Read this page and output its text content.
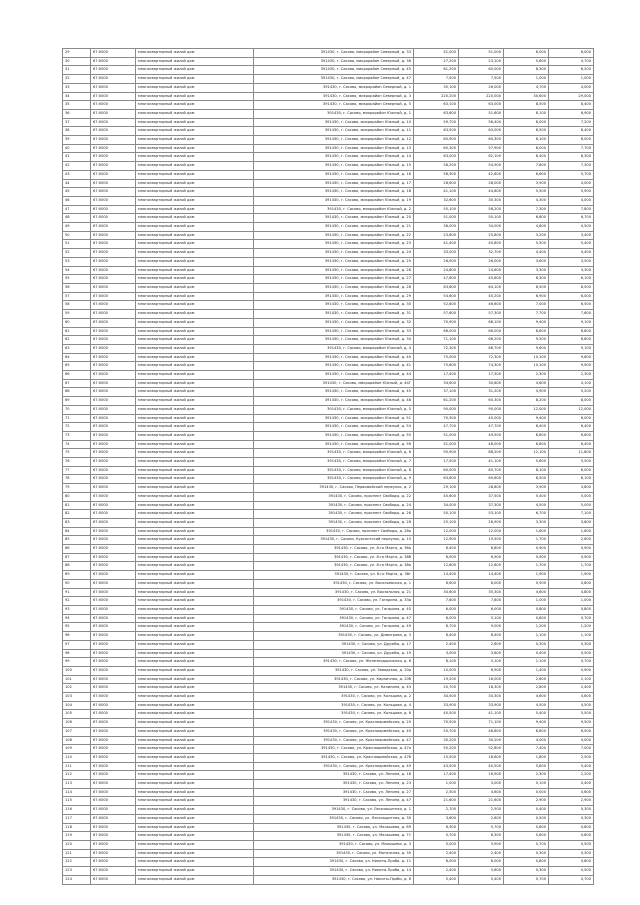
29	67:0000	многоквартирный жилой дом	391430, г. Сасово, микрорайон Северный, д. 33	51,000	51,000	6,000	6,000
30	67:0000	многоквартирный жилой дом	391430, г. Сасово, микрорайон Северный, д. 36	27,200	23,100	5,600	4,700
31	67:0000	многоквартирный жилой дом	391430, г. Сасово, микрорайон Северный, д. 45	61,200	60,000	8,300	8,200
32	67:0000	многоквартирный жилой дом	391430, г. Сасово, микрорайон Северный, д. 47	7,500	7,500	1,000	1,000
33	67:0000	многоквартирный жилой дом	391430, г. Сасово, микрорайон Северный, д. 1	35,100	26,000	4,700	4,000
34	67:0000	многоквартирный жилой дом	391430, г. Сасово, микрорайон Северный, д. 3	220,200	220,000	30,600	29,000
35	67:0000	многоквартирный жилой дом	391430, г. Сасово, микрорайон Северный, д. 5	63,100	63,000	8,500	8,400
36	67:0000	многоквартирный жилой дом	391430, г. Сасово, микрорайон Южный, д. 1	63,600	51,600	8,100	6,900
37	67:0000	многоквартирный жилой дом	391430, г. Сасово, микрорайон Южный, д. 10	59,700	56,400	8,000	7,200
38	67:0000	многоквартирный жилой дом	391430, г. Сасово, микрорайон Южный, д. 11	63,500	63,000	8,500	8,400
39	67:0000	многоквартирный жилой дом	391430, г. Сасово, микрорайон Южный, д. 12	60,900	60,300	8,100	8,000
40	67:0000	многоквартирный жилой дом	391430, г. Сасово, микрорайон Южный, д. 13	60,300	57,900	8,000	7,700
41	67:0000	многоквартирный жилой дом	391430, г. Сасово, микрорайон Южный, д. 14	63,000	62,100	8,400	8,300
42	67:0000	многоквартирный жилой дом	391430, г. Сасово, микрорайон Южный, д. 15	58,200	54,900	7,800	7,300
43	67:0000	многоквартирный жилой дом	391430, г. Сасово, микрорайон Южный, д. 16	58,300	42,800	6,600	5,700
44	67:0000	многоквартирный жилой дом	391430, г. Сасово, микрорайон Южный, д. 17	28,600	28,000	3,900	4,000
45	67:0000	многоквартирный жилой дом	391430, г. Сасово, микрорайон Южный, д. 18	41,100	44,600	5,500	5,900
46	67:0000	многоквартирный жилой дом	391430, г. Сасово, микрорайон Южный, д. 19	32,600	30,300	4,300	4,000
47	67:0000	многоквартирный жилой дом	391430, г. Сасово, микрорайон Южный, д. 2	55,100	58,200	7,300	7,800
48	67:0000	многоквартирный жилой дом	391430, г. Сасово, микрорайон Южный, д. 20	51,000	50,100	6,800	6,700
49	67:0000	многоквартирный жилой дом	391430, г. Сасово, микрорайон Южный, д. 21	36,000	34,000	4,800	4,500
50	67:0000	многоквартирный жилой дом	391430, г. Сасово, микрорайон Южный, д. 22	23,600	25,800	3,200	3,400
51	67:0000	многоквартирный жилой дом	391430, г. Сасово, микрорайон Южный, д. 23	41,400	40,800	5,500	5,400
52	67:0000	многоквартирный жилой дом	391430, г. Сасово, микрорайон Южный, д. 24	33,000	32,700	4,400	4,400
53	67:0000	многоквартирный жилой дом	391430, г. Сасово, микрорайон Южный, д. 25	26,900	26,000	3,600	3,500
54	67:0000	многоквартирный жилой дом	391430, г. Сасово, микрорайон Южный, д. 26	24,800	24,600	3,300	3,300
55	67:0000	многоквартирный жилой дом	391430, г. Сасово, микрорайон Южный, д. 27	47,600	45,600	6,300	6,100
56	67:0000	многоквартирный жилой дом	391430, г. Сасово, микрорайон Южный, д. 28	63,800	64,100	8,500	8,500
57	67:0000	многоквартирный жилой дом	391430, г. Сасово, микрорайон Южный, д. 29	54,600	45,200	6,900	6,000
58	67:0000	многоквартирный жилой дом	391430, г. Сасово, микрорайон Южный, д. 30	52,800	46,600	7,000	6,500
59	67:0000	многоквартирный жилой дом	391430, г. Сасово, микрорайон Южный, д. 31	57,600	57,300	7,700	7,600
60	67:0000	многоквартирный жилой дом	391430, г. Сасово, микрорайон Южный, д. 32	70,900	68,100	9,400	9,100
61	67:0000	многоквартирный жилой дом	391430, г. Сасово, микрорайон Южный, д. 33	66,000	66,000	8,800	8,800
62	67:0000	многоквартирный жилой дом	391430, г. Сасово, микрорайон Южный, д. 34	71,100	66,200	9,500	8,800
63	67:0000	многоквартирный жилой дом	391430, г. Сасово, микрорайон Южный, д. 4	72,300	68,700	9,600	9,100
64	67:0000	многоквартирный жилой дом	391430, г. Сасово, микрорайон Южный, д. 40	75,000	72,300	10,100	9,600
65	67:0000	многоквартирный жилой дом	391430, г. Сасово, микрорайон Южный, д. 41	75,600	74,300	10,100	9,900
66	67:0000	многоквартирный жилой дом	391430, г. Сасово, микрорайон Южный, д. 44	17,400	17,300	2,300	2,300
67	67:0000	многоквартирный жилой дом	391430, г. Сасово, микрорайон Южный, д. 44Г	34,600	30,600	4,600	4,100
68	67:0000	многоквартирный жилой дом	391430, г. Сасово, микрорайон Южный, д. 45	37,100	31,200	4,900	5,200
69	67:0000	многоквартирный жилой дом	391430, г. Сасово, микрорайон Южный, д. 48	61,200	60,300	8,200	8,000
70	67:0000	многоквартирный жилой дом	391430, г. Сасово, микрорайон Южный, д. 5	90,000	90,000	12,000	12,000
71	67:0000	многоквартирный жилой дом	391430, г. Сасово, микрорайон Южный, д. 51	70,300	45,000	9,400	6,000
72	67:0000	многоквартирный жилой дом	391430, г. Сасово, микрорайон Южный, д. 54	47,700	47,700	6,400	6,400
73	67:0000	многоквартирный жилой дом	391430, г. Сасово, микрорайон Южный, д. 55	51,000	49,500	6,800	6,600
74	67:0000	многоквартирный жилой дом	391430, г. Сасово, микрорайон Южный, д. 56	51,000	48,000	6,800	6,400
75	67:0000	многоквартирный жилой дом	391430, г. Сасово, микрорайон Южный, д. 6	90,900	88,200	12,100	11,800
76	67:0000	многоквартирный жилой дом	391430, г. Сасово, микрорайон Южный, д. 7	17,500	41,100	5,600	5,500
77	67:0000	многоквартирный жилой дом	391430, г. Сасово, микрорайон Южный, д. 8	60,000	60,700	8,100	8,000
78	67:0000	многоквартирный жилой дом	391430, г. Сасово, микрорайон Южный, д. 9	63,600	60,600	8,500	8,100
79	67:0000	многоквартирный жилой дом	391430, г. Сасово, Первомайский переулок, д. 2	29,100	28,800	3,900	3,800
80	67:0000	многоквартирный жилой дом	391430, г. Сасово, проспект Свободы, д. 22	40,600	37,500	5,400	5,000
81	67:0000	многоквартирный жилой дом	391430, г. Сасово, проспект Свободы, д. 24	34,000	37,300	4,500	5,000
82	67:0000	многоквартирный жилой дом	391430, г. Сасово, проспект Свободы, д. 26	50,100	53,100	6,700	7,100
83	67:0000	многоквартирный жилой дом	391430, г. Сасово, проспект Свободы, д. 28	25,100	26,900	3,300	3,600
84	67:0000	многоквартирный жилой дом	391430, г. Сасово, проспект Свободы, д. 28а	12,000	12,000	1,600	1,600
85	67:0000	многоквартирный жилой дом	391430, г. Сасово, Курсантский переулок, д. 10	12,900	19,500	1,700	2,600
86	67:0000	многоквартирный жилой дом	391430, г. Сасово, ул. 8-го Марта, д. 36а	6,400	6,800	0,900	0,900
87	67:0000	многоквартирный жилой дом	391430, г. Сасово, ул. 8-го Марта, д. 38б	6,900	6,900	0,900	0,900
88	67:0000	многоквартирный жилой дом	391430, г. Сасово, ул. 8-го Марта, д. 38а	12,600	12,800	1,700	1,700
89	67:0000	многоквартирный жилой дом	391430, г. Сасово, ул. 8-го Марта, д. 38г	14,400	14,400	1,900	1,900
90	67:0000	многоквартирный жилой дом	391430, г. Сасово, ул. Васильевская, д. 1	6,600	6,000	0,900	0,800
91	67:0000	многоквартирный жилой дом	391430, г. Сасово, ул. Вокзальная, д. 21	34,600	35,300	4,600	4,800
92	67:0000	многоквартирный жилой дом	391430, г. Сасово, ул. Гагарина, д. 33а	7,800	7,800	1,000	1,000
93	67:0000	многоквартирный жилой дом	391430, г. Сасово, ул. Гагарина, д. 45	6,000	6,000	0,800	0,800
94	67:0000	многоквартирный жилой дом	391430, г. Сасово, ул. Гагарина, д. 47	6,000	5,100	0,800	0,700
95	67:0000	многоквартирный жилой дом	391430, г. Сасово, ул. Гагарина, д. 49	8,700	9,000	1,200	1,200
96	67:0000	многоквартирный жилой дом	391430, г. Сасово, ул. Димитрова, д. 3	8,400	8,400	1,100	1,100
97	67:0000	многоквартирный жилой дом	391430, г. Сасово, ул. Дружбы, д. 17	2,400	2,600	0,300	0,300
98	67:0000	многоквартирный жилой дом	391430, г. Сасово, ул. Дружбы, д. 19	3,000	3,600	0,400	0,500
99	67:0000	многоквартирный жилой дом	391430, г. Сасово, ул. Железнодорожная, д. 6	8,100	5,100	1,100	0,700
100	67:0000	многоквартирный жилой дом	391430, г. Сасово, ул. Заводская, д. 20а	10,000	6,900	1,400	0,900
101	67:0000	многоквартирный жилой дом	391430, г. Сасово, ул. Кирпичная, д. 20б	19,200	16,000	2,600	2,100
102	67:0000	многоквартирный жилой дом	391430, г. Сасово, ул. Калинина, д. 43	20,700	18,300	2,800	2,400
103	67:0000	многоквартирный жилой дом	391430, г. Сасово, ул. Кольцова, д. 2	34,500	34,300	4,600	4,600
104	67:0000	многоквартирный жилой дом	391430, г. Сасово, ул. Кольцова, д. 4	33,900	33,900	4,500	4,500
105	67:0000	многоквартирный жилой дом	391430, г. Сасово, ул. Кольцова, д. 6	40,500	41,100	5,400	5,500
106	67:0000	многоквартирный жилой дом	391430, г. Сасово, ул. Красноармейская, д. 20	70,500	71,100	9,400	9,500
107	67:0000	многоквартирный жилой дом	391430, г. Сасово, ул. Красноармейская, д. 40	50,700	48,600	6,800	6,500
108	67:0000	многоквартирный жилой дом	391430, г. Сасово, ул. Красноармейская, д. 47	30,200	30,200	4,000	4,000
109	67:0000	многоквартирный жилой дом	391430, г. Сасово, ул. Красноармейская, д. 47а	55,200	52,800	7,400	7,000
110	67:0000	многоквартирный жилой дом	391430, г. Сасово, ул. Красноармейская, д. 47б	15,500	18,600	1,800	2,500
111	67:0000	многоквартирный жилой дом	391430, г. Сасово, ул. Красноармейская, д. 49	43,500	40,500	5,800	5,400
112	67:0000	многоквартирный жилой дом	391430, г. Сасово, ул. Ленина, д. 18	17,400	16,900	2,300	2,200
113	67:0000	многоквартирный жилой дом	391430, г. Сасово, ул. Ленина, д. 23	1,000	3,000	0,100	0,400
114	67:0000	многоквартирный жилой дом	391430, г. Сасово, ул. Ленина, д. 27	2,300	4,600	0,000	0,600
115	67:0000	многоквартирный жилой дом	391430, г. Сасово, ул. Ленина, д. 47	21,600	21,600	2,900	2,900
116	67:0000	многоквартирный жилой дом	391430, г. Сасово, ул. Лесозащитная, д. 1	2,700	2,500	0,400	0,300
117	67:0000	многоквартирный жилой дом	391430, г. Сасово, ул. Лесозащитная, д. 30	3,600	2,600	0,500	0,300
118	67:0000	многоквартирный жилой дом	391430, г. Сасово, ул. Малышева, д. 69	6,300	5,700	0,800	0,800
119	67:0000	многоквартирный жилой дом	391430, г. Сасово, ул. Малышева, д. 71	5,700	6,300	0,800	0,800
120	67:0000	многоквартирный жилой дом	391430, г. Сасово, ул. Малышева, д. 3	5,000	3,900	0,700	0,500
121	67:0000	многоквартирный жилой дом	391430, г. Сасово, ул. Мотальная, д. 35	2,400	2,400	0,300	0,300
122	67:0000	многоквартирный жилой дом	391430, г. Сасово, ул. Никиты-Пряби, д. 11	6,000	6,000	0,800	0,800
123	67:0000	многоквартирный жилой дом	391430, г. Сасово, ул. Никиты-Пряби, д. 14	2,400	5,600	0,300	0,500
124	67:0000	многоквартирный жилой дом	391430, г. Сасово, ул. Никиты-Пряби, д. 8	5,400	5,400	0,700	0,700
